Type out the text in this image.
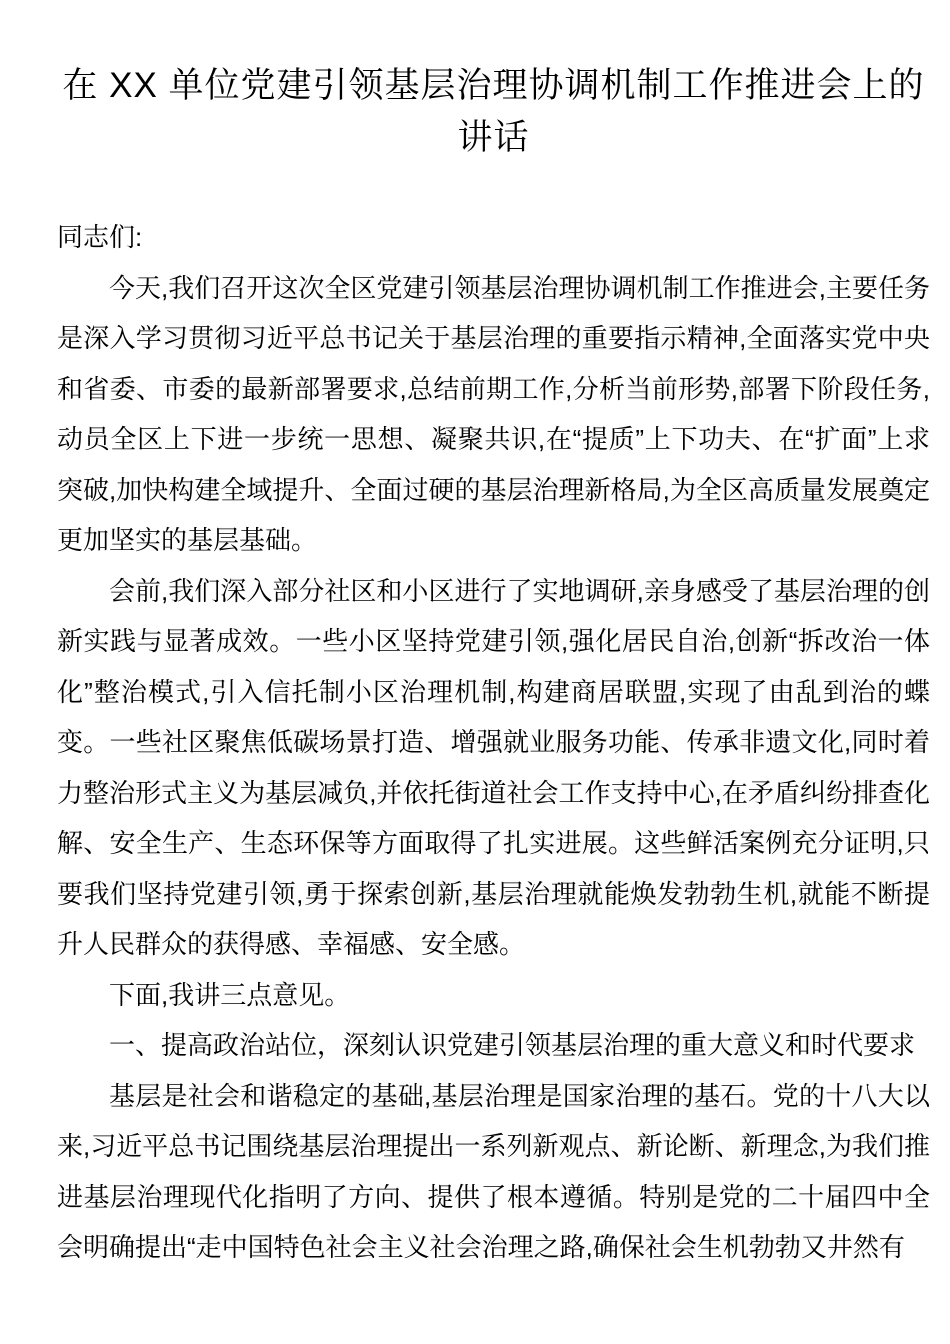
在 XX 单位党建引领基层治理协调机制工作推进会上的讲话

同志们:

今天,我们召开这次全区党建引领基层治理协调机制工作推进会,主要任务是深入学习贯彻习近平总书记关于基层治理的重要指示精神,全面落实党中央和省委、市委的最新部署要求,总结前期工作,分析当前形势,部署下阶段任务,动员全区上下进一步统一思想、凝聚共识,在“提质”上下功夫、在“扩面”上求突破,加快构建全域提升、全面过硬的基层治理新格局,为全区高质量发展奠定更加坚实的基层基础。

会前,我们深入部分社区和小区进行了实地调研,亲身感受了基层治理的创新实践与显著成效。一些小区坚持党建引领,强化居民自治,创新“拆改治一体化”整治模式,引入信托制小区治理机制,构建商居联盟,实现了由乱到治的蝶变。一些社区聚焦低碳场景打造、增强就业服务功能、传承非遗文化,同时着力整治形式主义为基层减负,并依托街道社会工作支持中心,在矛盾纠纷排查化解、安全生产、生态环保等方面取得了扎实进展。这些鲜活案例充分证明,只要我们坚持党建引领,勇于探索创新,基层治理就能焕发勃勃生机,就能不断提升人民群众的获得感、幸福感、安全感。

下面,我讲三点意见。

一、提高政治站位，深刻认识党建引领基层治理的重大意义和时代要求

基层是社会和谐稳定的基础,基层治理是国家治理的基石。党的十八大以来,习近平总书记围绕基层治理提出一系列新观点、新论断、新理念,为我们推进基层治理现代化指明了方向、提供了根本遵循。特别是党的二十届四中全会明确提出“走中国特色社会主义社会治理之路,确保社会生机勃勃又井然有
